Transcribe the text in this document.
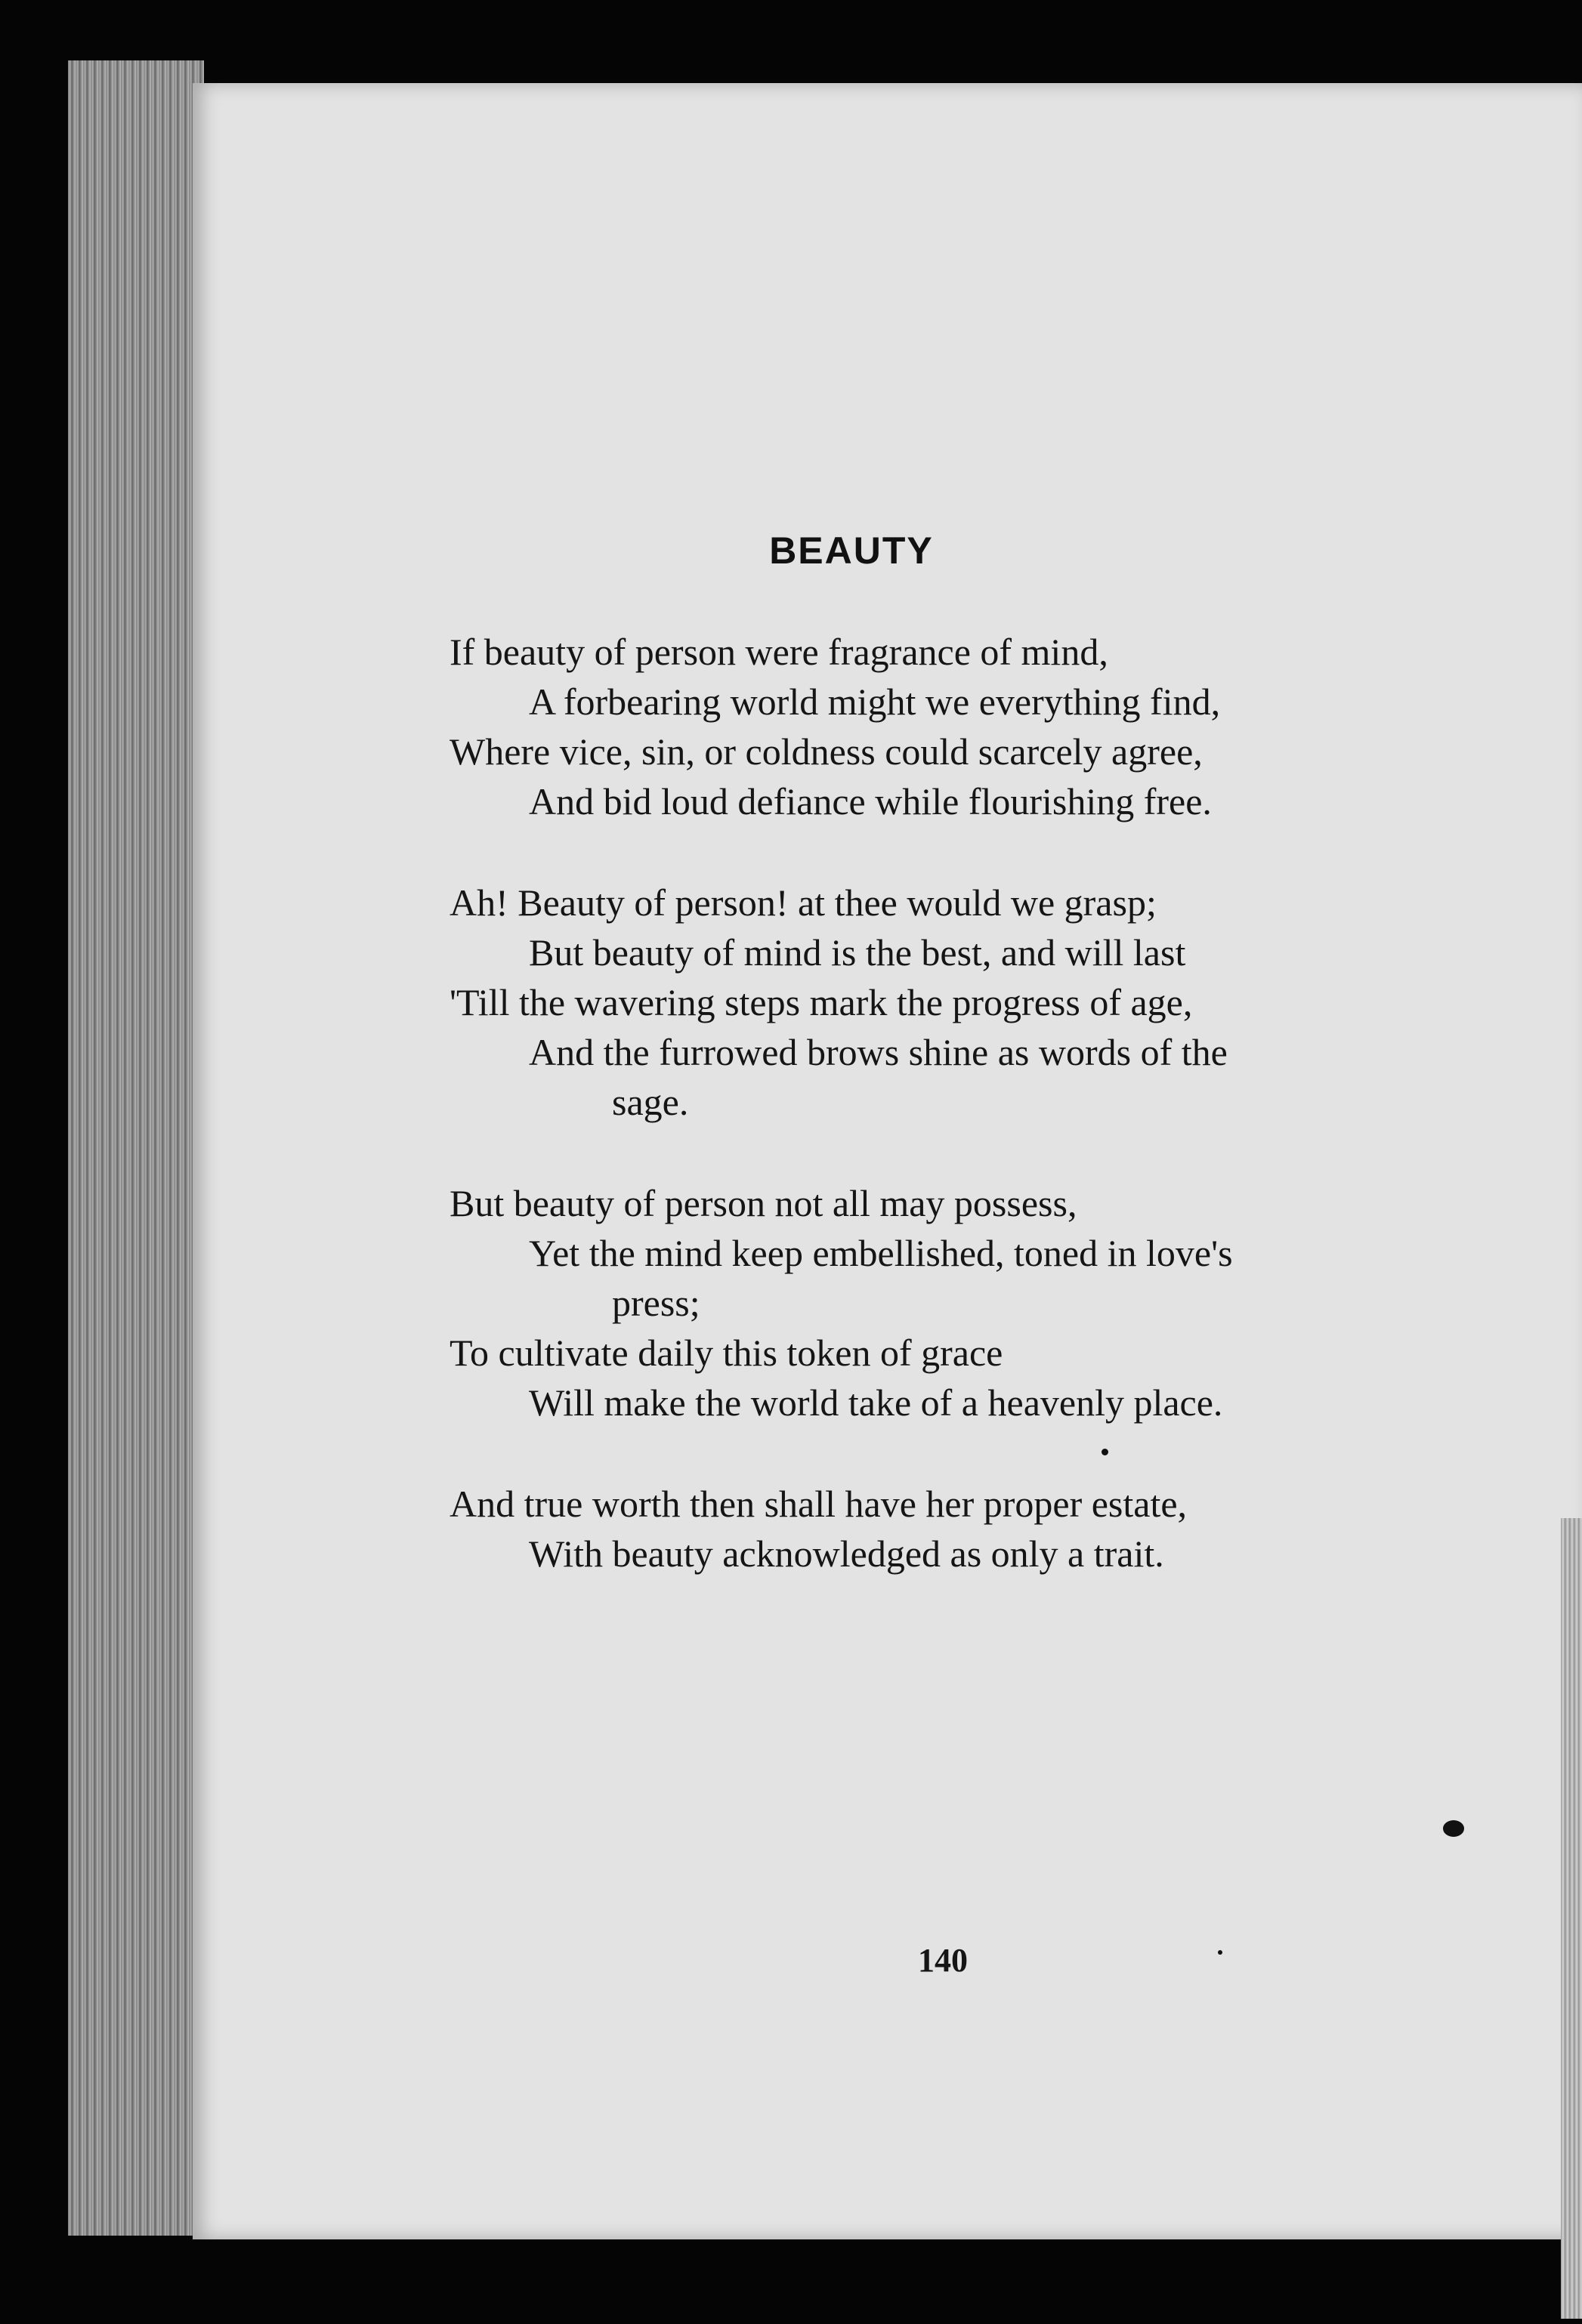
BEAUTY
If beauty of person were fragrance of mind,
A forbearing world might we everything find,
Where vice, sin, or coldness could scarcely agree,
And bid loud defiance while flourishing free.
Ah! Beauty of person! at thee would we grasp;
But beauty of mind is the best, and will last
'Till the wavering steps mark the progress of age,
And the furrowed brows shine as words of the
sage.
But beauty of person not all may possess,
Yet the mind keep embellished, toned in love's
press;
To cultivate daily this token of grace
Will make the world take of a heavenly place.
And true worth then shall have her proper estate,
With beauty acknowledged as only a trait.
140
